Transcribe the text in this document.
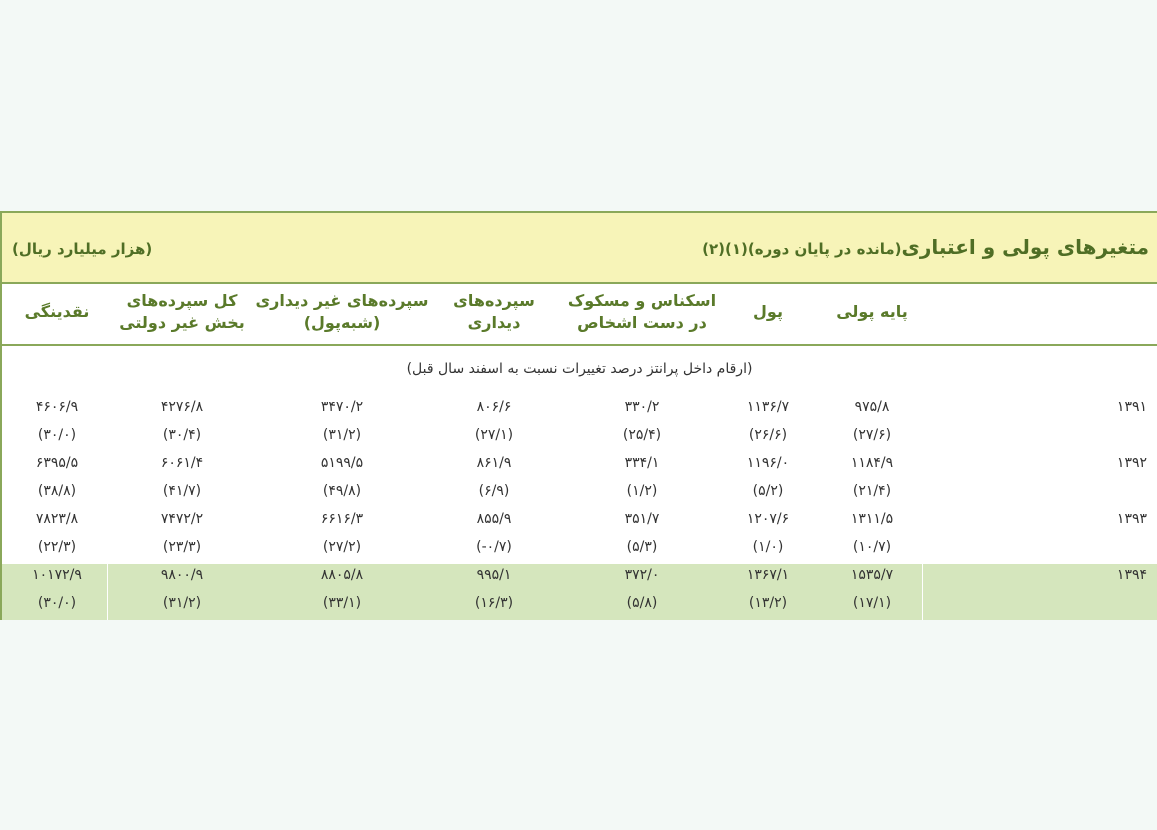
متغیرهای پولی و اعتباری(مانده در پایان دوره)(۱)(۲)
(هزار میلیارد ریال)
پایه پولی
پول
اسکناس و مسکوک
در دست اشخاص
سپرده‌های
دیداری
سپرده‌های غیر دیداری
(شبه‌پول)
کل سپرده‌های
بخش غیر دولتی
نقدینگی
(ارقام داخل پرانتز درصد تغییرات نسبت به اسفند سال قبل)
۱۳۹۱
۹۷۵/۸
۱۱۳۶/۷
۳۳۰/۲
۸۰۶/۶
۳۴۷۰/۲
۴۲۷۶/۸
۴۶۰۶/۹
(۲۷/۶)
(۲۶/۶)
(۲۵/۴)
(۲۷/۱)
(۳۱/۲)
(۳۰/۴)
(۳۰/۰)
۱۳۹۲
۱۱۸۴/۹
۱۱۹۶/۰
۳۳۴/۱
۸۶۱/۹
۵۱۹۹/۵
۶۰۶۱/۴
۶۳۹۵/۵
(۲۱/۴)
(۵/۲)
(۱/۲)
(۶/۹)
(۴۹/۸)
(۴۱/۷)
(۳۸/۸)
۱۳۹۳
۱۳۱۱/۵
۱۲۰۷/۶
۳۵۱/۷
۸۵۵/۹
۶۶۱۶/۳
۷۴۷۲/۲
۷۸۲۳/۸
(۱۰/۷)
(۱/۰)
(۵/۳)
(-۰/۷)
(۲۷/۲)
(۲۳/۳)
(۲۲/۳)
۱۳۹۴
۱۵۳۵/۷
۱۳۶۷/۱
۳۷۲/۰
۹۹۵/۱
۸۸۰۵/۸
۹۸۰۰/۹
۱۰۱۷۲/۹
(۱۷/۱)
(۱۳/۲)
(۵/۸)
(۱۶/۳)
(۳۳/۱)
(۳۱/۲)
(۳۰/۰)
